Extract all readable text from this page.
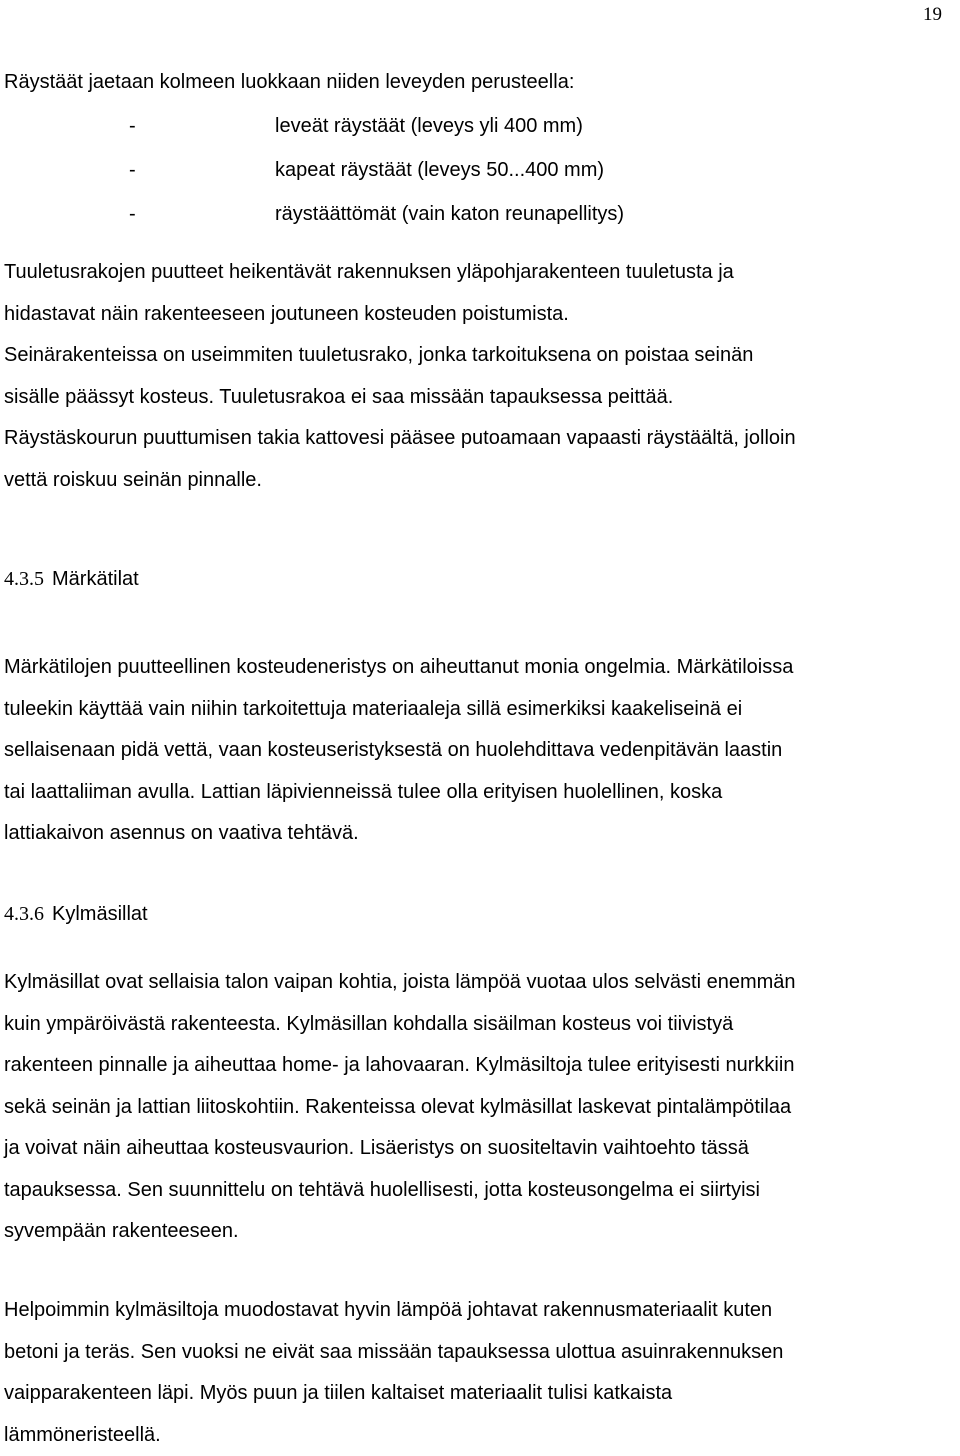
19
Räystäät jaetaan kolmeen luokkaan niiden leveyden perusteella:
-	leveät räystäät (leveys yli 400 mm)
-	kapeat räystäät (leveys 50...400 mm)
-	räystäättömät (vain katon reunapellitys)
Tuuletusrakojen puutteet heikentävät rakennuksen yläpohjarakenteen tuuletusta ja
hidastavat näin rakenteeseen joutuneen kosteuden poistumista.
Seinärakenteissa on useimmiten tuuletusrako, jonka tarkoituksena on poistaa seinän
sisälle päässyt kosteus. Tuuletusrakoa ei saa missään tapauksessa peittää.
Räystäskourun puuttumisen takia kattovesi pääsee putoamaan vapaasti räystäältä, jolloin
vettä roiskuu seinän pinnalle.
4.3.5 Märkätilat
Märkätilojen puutteellinen kosteudeneristys on aiheuttanut monia ongelmia. Märkätiloissa
tuleekin käyttää vain niihin tarkoitettuja materiaaleja sillä esimerkiksi kaakeliseinä ei
sellaisenaan pidä vettä, vaan kosteuseristyksestä on huolehdittava vedenpitävän laastin
tai laattaliiman avulla. Lattian läpivienneissä tulee olla erityisen huolellinen, koska
lattiakaivon asennus on vaativa tehtävä.
4.3.6 Kylmäsillat
Kylmäsillat ovat sellaisia talon vaipan kohtia, joista lämpöä vuotaa ulos selvästi enemmän
kuin ympäröivästä rakenteesta. Kylmäsillan kohdalla sisäilman kosteus voi tiivistyä
rakenteen pinnalle ja aiheuttaa home- ja lahovaaran. Kylmäsiltoja tulee erityisesti nurkkiin
sekä seinän ja lattian liitoskohtiin. Rakenteissa olevat kylmäsillat laskevat pintalämpötilaa
ja voivat näin aiheuttaa kosteusvaurion. Lisäeristys on suositeltavin vaihtoehto tässä
tapauksessa. Sen suunnittelu on tehtävä huolellisesti, jotta kosteusongelma ei siirtyisi
syvempään rakenteeseen.
Helpoimmin kylmäsiltoja muodostavat hyvin lämpöä johtavat rakennusmateriaalit kuten
betoni ja teräs. Sen vuoksi ne eivät saa missään tapauksessa ulottua asuinrakennuksen
vaipparakenteen läpi. Myös puun ja tiilen kaltaiset materiaalit tulisi katkaista
lämmöneristeellä.
